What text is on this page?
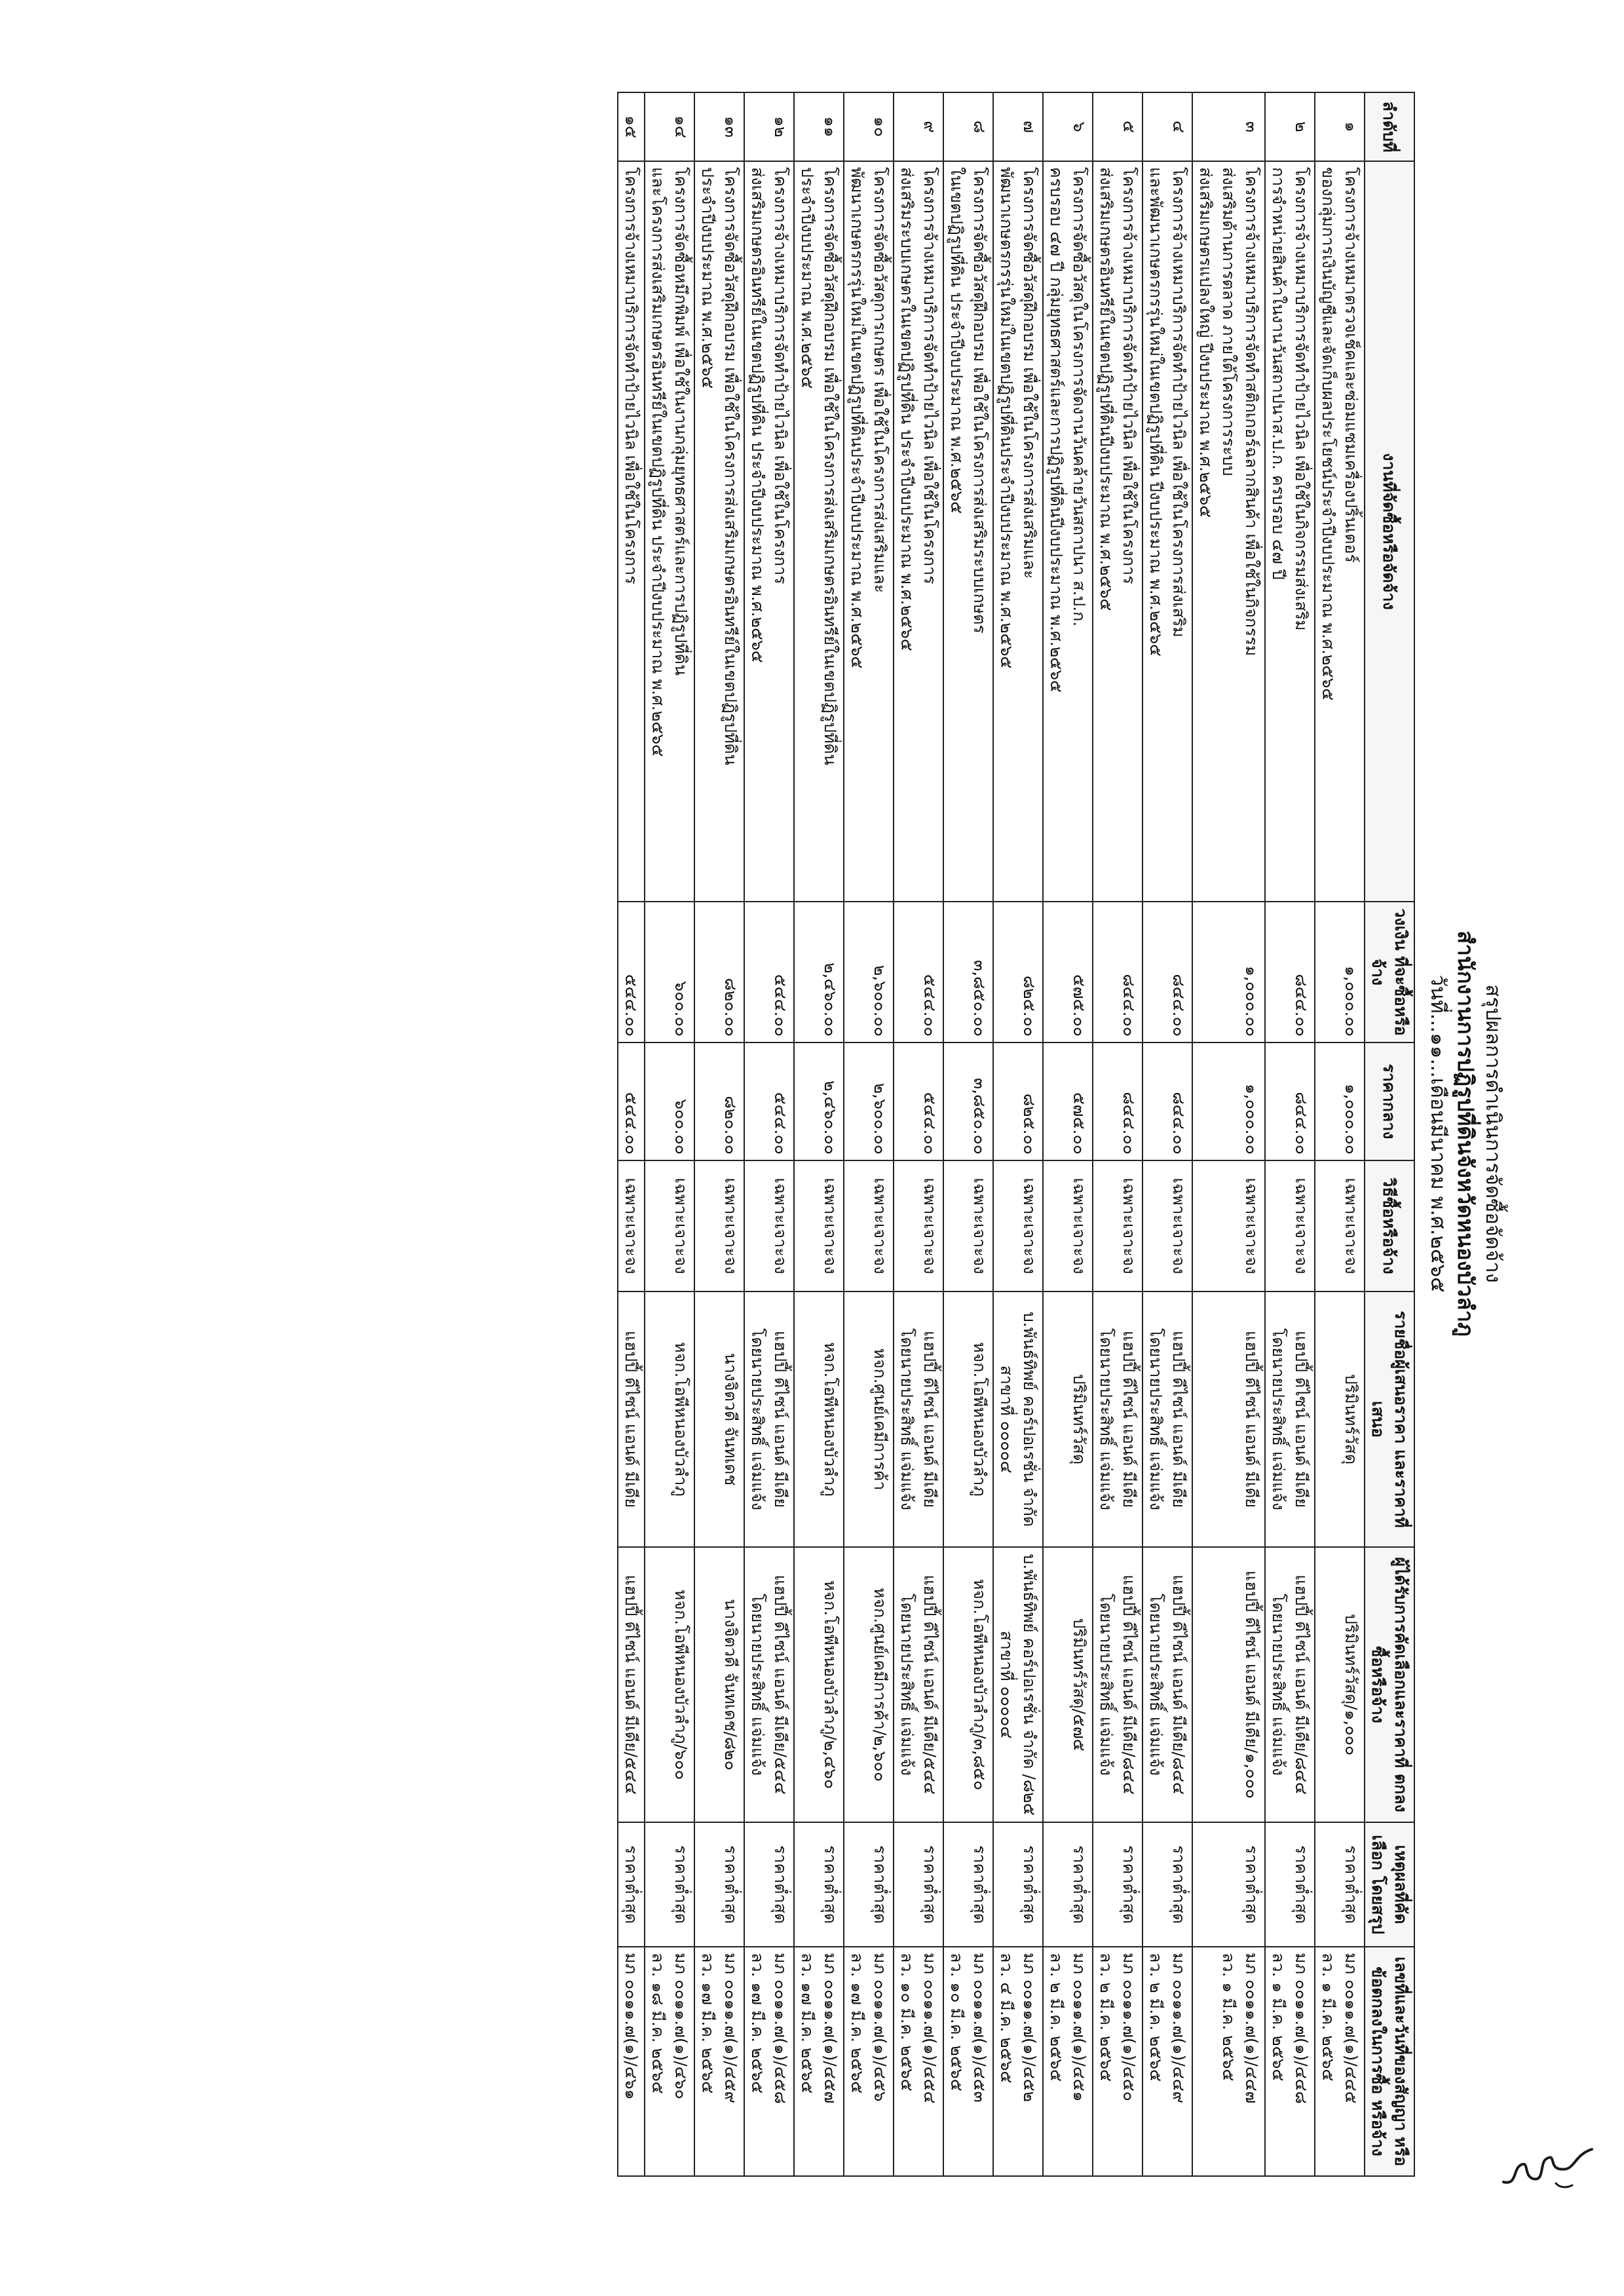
สรุปผลการดำเนินการจัดซื้อจัดจ้าง
สำนักงานการปฏิรูปที่ดินจังหวัดหนองบัวลำภู
วันที่...๑๑...เดือนมีนาคม พ.ศ.๒๕๖๕
ลำดับที่	งานที่จัดซื้อหรือจัดจ้าง	วงเงิน ที่จะซื้อหรือจ้าง	ราคากลาง	วิธีซื้อหรือจ้าง	รายชื่อผู้เสนอราคา และราคาที่เสนอ	ผู้ได้รับการคัดเลือกและราคาที่ ตกลงซื้อหรือจ้าง	เหตุผลที่คัดเลือก โดยสรุป	เลขที่และวันที่ของสัญญา หรือข้อตกลงในการซื้อ หรือจ้าง
๑	โครงการจ้างเหมาตรวจเช็คและซ่อมแซมเครื่องปริ้นเตอร์
ของกลุ่มการเงินบัญชีและจัดเก็บผลประโยชน์ประจำปีงบประมาณ พ.ศ.๒๕๖๕	๑,๐๐๐.๐๐	๑,๐๐๐.๐๐	เฉพาะเจาะจง	ปริมินทร์วัสดุ	ปริมินทร์วัสดุ/๑,๐๐๐	ราคาต่ำสุด	มภ ๐๐๑๑.๗(๑)/๔๔๕
ลว. ๑ มี.ค. ๒๕๖๕

๒	โครงการจ้างเหมาบริการจัดทำป้ายไวนิล เพื่อใช้ในกิจกรรมส่งเสริม
การจำหน่ายสินค้าในงานวันสถาปนาส.ป.ก. ครบรอบ ๔๗ ปี	๘๔๔.๐๐	๘๔๔.๐๐	เฉพาะเจาะจง	แฮปปี้ ดีไซน์ แอนด์ มีเดีย
โดยนายประสิทธิ์ แจ่มแจ้ง	แฮปปี้ ดีไซน์ แอนด์ มีเดีย/๘๔๔
โดยนายประสิทธิ์ แจ่มแจ้ง	ราคาต่ำสุด	มภ ๐๐๑๑.๗(๑)/๔๔๘
ลว. ๑ มี.ค. ๒๕๖๕

๓	โครงการจ้างเหมาบริการจัดทำสติกเกอร์ฉลากสินค้า เพื่อใช้ในกิจกรรม
ส่งเสริมด้านการตลาด ภายใต้โครงการระบบ
ส่งเสริมเกษตรแปลงใหญ่ ปีงบประมาณ พ.ศ.๒๕๖๕	๑,๐๐๐.๐๐	๑,๐๐๐.๐๐	เฉพาะเจาะจง	แฮปปี้ ดีไซน์ แอนด์ มีเดีย	แฮปปี้ ดีไซน์ แอนด์ มีเดีย/๑,๐๐๐	ราคาต่ำสุด	มภ ๐๐๑๑.๗(๑)/๔๔๗
ลว. ๑ มี.ค. ๒๕๖๕

๔	โครงการจ้างเหมาบริการจัดทำป้ายไวนิล เพื่อใช้ในโครงการส่งเสริม
และพัฒนาเกษตรกรรุ่นใหม่ในเขตปฏิรูปที่ดิน ปีงบประมาณ พ.ศ.๒๕๖๕	๘๔๔.๐๐	๘๔๔.๐๐	เฉพาะเจาะจง	แฮปปี้ ดีไซน์ แอนด์ มีเดีย
โดยนายประสิทธิ์ แจ่มแจ้ง	แฮปปี้ ดีไซน์ แอนด์ มีเดีย/๘๔๔
โดยนายประสิทธิ์ แจ่มแจ้ง	ราคาต่ำสุด	มภ ๐๐๑๑.๗(๑)/๔๔๙
ลว. ๒ มี.ค. ๒๕๖๕

๕	โครงการจ้างเหมาบริการจัดทำป้ายไวนิล เพื่อใช้ในโครงการ
ส่งเสริมเกษตรอินทรีย์ในเขตปฏิรูปที่ดินปีงบประมาณ พ.ศ.๒๕๖๕	๘๔๔.๐๐	๘๔๔.๐๐	เฉพาะเจาะจง	แฮปปี้ ดีไซน์ แอนด์ มีเดีย
โดยนายประสิทธิ์ แจ่มแจ้ง	แฮปปี้ ดีไซน์ แอนด์ มีเดีย/๘๔๔
โดยนายประสิทธิ์ แจ่มแจ้ง	ราคาต่ำสุด	มภ ๐๐๑๑.๗(๑)/๔๕๐
ลว. ๒ มี.ค. ๒๕๖๕

๖	โครงการจัดซื้อวัสดุในโครงการจัดงานวันคล้ายวันสถาปนา ส.ป.ก.
ครบรอบ ๔๗ ปี กลุ่มยุทธศาสตร์และการปฏิรูปที่ดินปีงบประมาณ พ.ศ.๒๕๖๕	๕๗๕.๐๐	๕๗๕.๐๐	เฉพาะเจาะจง	ปริมินทร์วัสดุ	ปริมินทร์วัสดุ/๕๗๕	ราคาต่ำสุด	มภ ๐๐๑๑.๗(๑)/๔๕๑
ลว. ๒ มี.ค. ๒๕๖๕

๗	โครงการจัดซื้อวัสดุฝึกอบรม เพื่อใช้ในโครงการส่งเสริมและ
พัฒนาเกษตรกรรุ่นใหม่ในเขตปฏิรูปที่ดินประจำปีงบประมาณ พ.ศ.๒๕๖๕	๘๒๕.๐๐	๘๒๕.๐๐	เฉพาะเจาะจง	บ.พันธ์ทิพย์ คอร์ปอเรชั่น จำกัด
สาขาที่ ๐๐๐๐๔	บ.พันธ์ทิพย์ คอร์ปอเรชั่น จำกัด /๘๒๕
สาขาที่ ๐๐๐๐๔	ราคาต่ำสุด	มภ ๐๐๑๑.๗(๑)/๔๕๒
ลว. ๔ มี.ค. ๒๕๖๕

๘	โครงการจัดซื้อวัสดุฝึกอบรม เพื่อใช้ในโครงการส่งเสริมระบบเกษตร
ในเขตปฏิรูปที่ดิน ประจำปีงบประมาณ พ.ศ.๒๕๖๕	๓,๘๕๐.๐๐	๓,๘๕๐.๐๐	เฉพาะเจาะจง	หจก.โอพีหนองบัวลำภู	หจก.โอพีหนองบัวลำภู/๓,๘๕๐	ราคาต่ำสุด	มภ ๐๐๑๑.๗(๑)/๔๕๓
ลว. ๑๐ มี.ค. ๒๕๖๕

๙	โครงการจ้างเหมาบริการจัดทำป้ายไวนิล เพื่อใช้ในโครงการ
ส่งเสริมระบบเกษตรในเขตปฏิรูปที่ดิน ประจำปีงบประมาณ พ.ศ.๒๕๖๕	๕๔๔.๐๐	๕๔๔.๐๐	เฉพาะเจาะจง	แฮปปี้ ดีไซน์ แอนด์ มีเดีย
โดยนายประสิทธิ์ แจ่มแจ้ง	แฮปปี้ ดีไซน์ แอนด์ มีเดีย/๕๔๔
โดยนายประสิทธิ์ แจ่มแจ้ง	ราคาต่ำสุด	มภ ๐๐๑๑.๗(๑)/๔๕๔
ลว. ๑๐ มี.ค. ๒๕๖๕

๑๐	โครงการจัดซื้อวัสดุการเกษตร เพื่อใช้ในโครงการส่งเสริมและ
พัฒนาเกษตรกรรุ่นใหม่ในเขตปฏิรูปที่ดินประจำปีงบประมาณ พ.ศ.๒๕๖๕	๒,๖๐๐.๐๐	๒,๖๐๐.๐๐	เฉพาะเจาะจง	หจก.ศูนย์เคมีการค้า	หจก.ศูนย์เคมีการค้า/๒,๖๐๐	ราคาต่ำสุด	มภ ๐๐๑๑.๗(๑)/๔๕๖
ลว. ๑๗ มี.ค. ๒๕๖๕

๑๑	โครงการจัดซื้อวัสดุฝึกอบรม เพื่อใช้ในโครงการส่งเสริมเกษตรอินทรีย์ในเขตปฏิรูปที่ดิน
ประจำปีงบประมาณ พ.ศ.๒๕๖๕	๒,๔๖๐.๐๐	๒,๔๖๐.๐๐	เฉพาะเจาะจง	หจก.โอพีหนองบัวลำภู	หจก.โอพีหนองบัวลำภู/๒,๔๖๐	ราคาต่ำสุด	มภ ๐๐๑๑.๗(๑)/๔๕๗
ลว. ๑๗ มี.ค. ๒๕๖๕

๑๒	โครงการจ้างเหมาบริการจัดทำป้ายไวนิล เพื่อใช้ในโครงการ
ส่งเสริมเกษตรอินทรีย์ในเขตปฏิรูปที่ดิน ประจำปีงบประมาณ พ.ศ.๒๕๖๕	๕๔๔.๐๐	๕๔๔.๐๐	เฉพาะเจาะจง	แฮปปี้ ดีไซน์ แอนด์ มีเดีย
โดยนายประสิทธิ์ แจ่มแจ้ง	แฮปปี้ ดีไซน์ แอนด์ มีเดีย/๕๔๔
โดยนายประสิทธิ์ แจ่มแจ้ง	ราคาต่ำสุด	มภ ๐๐๑๑.๗(๑)/๔๕๘
ลว. ๑๗ มี.ค. ๒๕๖๕

๑๓	โครงการจัดซื้อวัสดุฝึกอบรม เพื่อใช้ในโครงการส่งเสริมเกษตรอินทรีย์ในเขตปฏิรูปที่ดิน
ประจำปีงบประมาณ พ.ศ.๒๕๖๕	๘๒๐.๐๐	๘๒๐.๐๐	เฉพาะเจาะจง	นางจิตวดี จันทเดช	นางจิตวดี จันทเดช/๘๒๐	ราคาต่ำสุด	มภ ๐๐๑๑.๗(๑)/๔๕๙
ลว. ๑๗ มี.ค. ๒๕๖๕

๑๔	โครงการจัดซื้อหมึกพิมพ์ เพื่อใช้ในงานกลุ่มยุทธศาสตร์และการปฏิรูปที่ดิน
และโครงการส่งเสริมเกษตรอินทรีย์ในเขตปฏิรูปที่ดิน ประจำปีงบประมาณ พ.ศ.๒๕๖๕	๖๐๐.๐๐	๖๐๐.๐๐	เฉพาะเจาะจง	หจก.โอพีหนองบัวลำภู	หจก.โอพีหนองบัวลำภู/๖๐๐	ราคาต่ำสุด	มภ ๐๐๑๑.๗(๑)/๔๖๐
ลว. ๑๘ มี.ค. ๒๕๖๕

๑๕	โครงการจ้างเหมาบริการจัดทำป้ายไวนิล เพื่อใช้ในโครงการ	๕๔๔.๐๐	๕๔๔.๐๐	เฉพาะเจาะจง	แฮปปี้ ดีไซน์ แอนด์ มีเดีย	แฮปปี้ ดีไซน์ แอนด์ มีเดีย/๕๔๔	ราคาต่ำสุด	มภ ๐๐๑๑.๗(๑)/๔๖๑
